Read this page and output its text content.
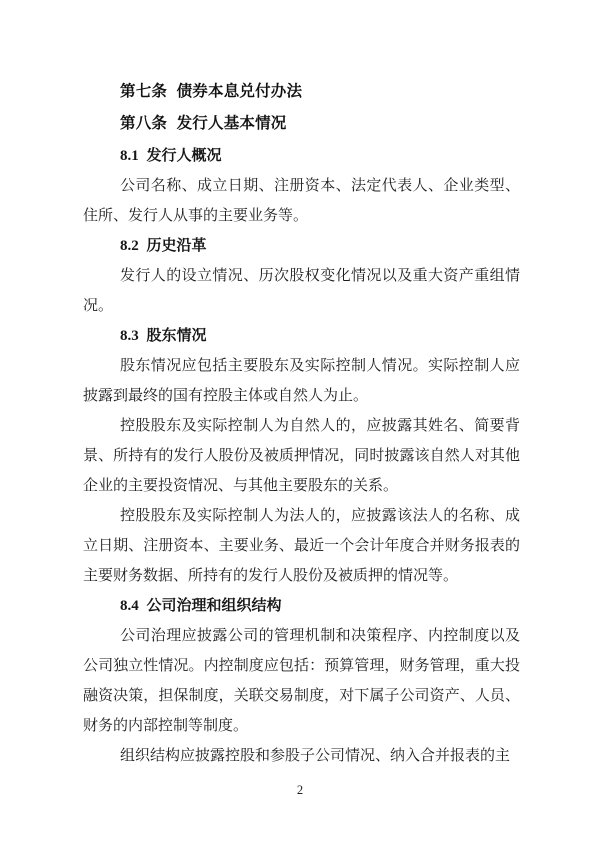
第七条 债券本息兑付办法
第八条 发行人基本情况
8.1 发行人概况

公司名称、成立日期、注册资本、法定代表人、企业类型、住所、发行人从事的主要业务等。

8.2 历史沿革

发行人的设立情况、历次股权变化情况以及重大资产重组情况。

8.3 股东情况

股东情况应包括主要股东及实际控制人情况。实际控制人应披露到最终的国有控股主体或自然人为止。

控股股东及实际控制人为自然人的，应披露其姓名、简要背景、所持有的发行人股份及被质押情况，同时披露该自然人对其他企业的主要投资情况、与其他主要股东的关系。

控股股东及实际控制人为法人的，应披露该法人的名称、成立日期、注册资本、主要业务、最近一个会计年度合并财务报表的主要财务数据、所持有的发行人股份及被质押的情况等。

8.4 公司治理和组织结构

公司治理应披露公司的管理机制和决策程序、内控制度以及公司独立性情况。内控制度应包括：预算管理，财务管理，重大投融资决策，担保制度，关联交易制度，对下属子公司资产、人员、财务的内部控制等制度。

组织结构应披露控股和参股子公司情况、纳入合并报表的主

2
